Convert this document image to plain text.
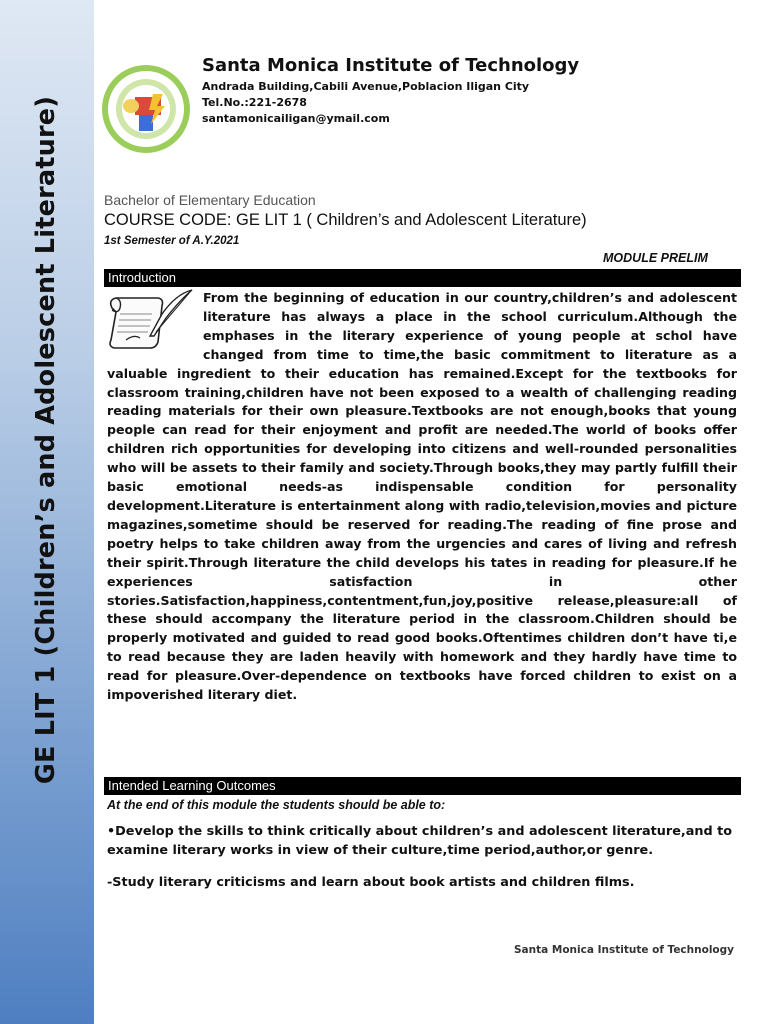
GE LIT 1 (Children’s and Adolescent Literature)
Santa Monica Institute of Technology
Andrada Building,Cabili Avenue,Poblacion Iligan City
Tel.No.:221-2678
santamonicailigan@ymail.com
Bachelor of Elementary Education
COURSE CODE: GE LIT 1 ( Children’s and Adolescent Literature)
1st Semester of A.Y.2021
MODULE PRELIM
Introduction
From the beginning of education in our country,children’s and adolescent literature has always a place in the school curriculum.Although the emphases in the literary experience of young people at schol have changed from time to time,the basic commitment to literature as a valuable ingredient to their education has remained.Except for the textbooks for classroom training,children have not been exposed to a wealth of challenging reading reading materials for their own pleasure.Textbooks are not enough,books that young people can read for their enjoyment and profit are needed.The world of books offer children rich opportunities for developing into citizens and well-rounded personalities who will be assets to their family and society.Through books,they may partly fulfill their basic emotional needs-as indispensable condition for personality development.Literature is entertainment along with radio,television,movies and picture magazines,sometime should be reserved for reading.The reading of fine prose and poetry helps to take children away from the urgencies and cares of living and refresh their spirit.Through literature the child develops his tates in reading for pleasure.If he experiences satisfaction in other stories.Satisfaction,happiness,contentment,fun,joy,positive release,pleasure:all of these should accompany the literature period in the classroom.Children should be properly motivated and guided to read good books.Oftentimes children don’t have ti,e to read because they are laden heavily with homework and they hardly have time to read for pleasure.Over-dependence on textbooks have forced children to exist on a impoverished literary diet.
Intended Learning Outcomes
At the end of this module the students should be able to:
•Develop the skills to think critically about children’s and adolescent literature,and to examine literary works in view of their culture,time period,author,or genre.
-Study literary criticisms and learn about book artists and children films.
Santa Monica Institute of Technology
